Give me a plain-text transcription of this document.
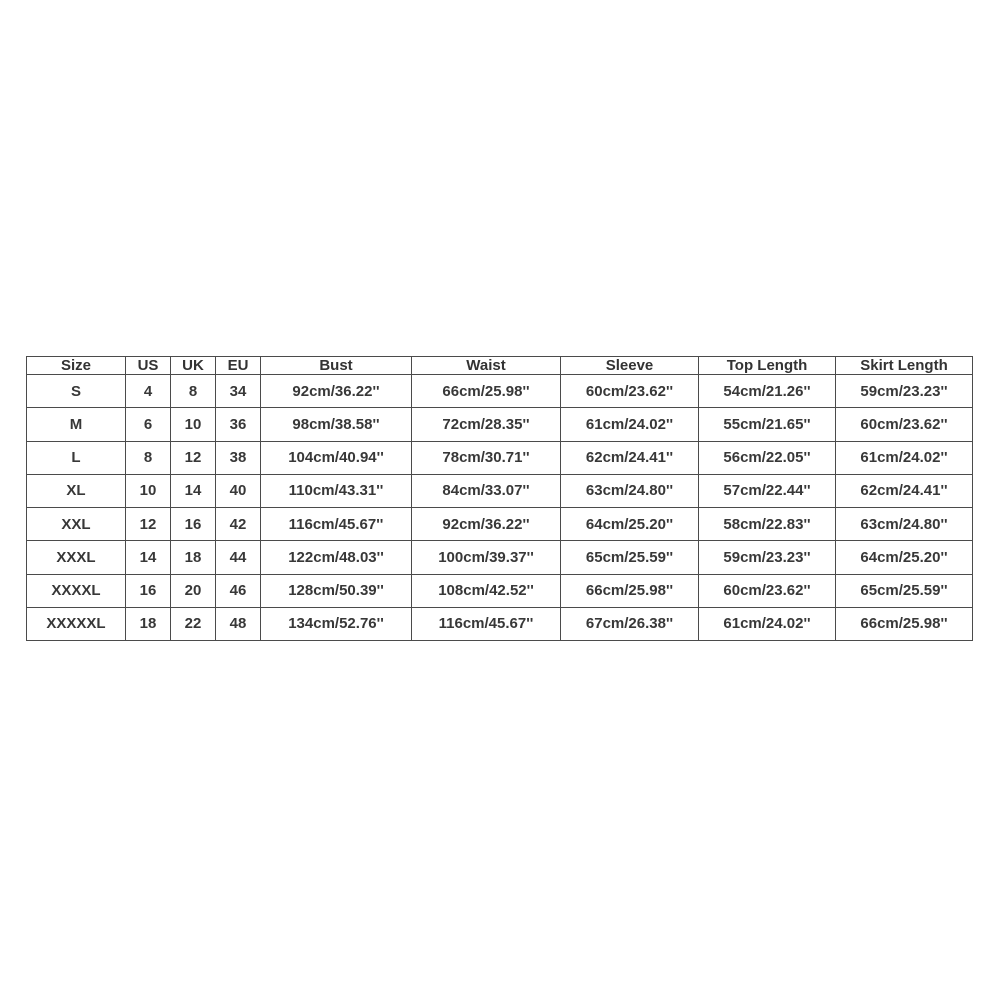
Size	US	UK	EU	Bust	Waist	Sleeve	Top Length	Skirt Length
S	4	8	34	92cm/36.22''	66cm/25.98''	60cm/23.62''	54cm/21.26''	59cm/23.23''
M	6	10	36	98cm/38.58''	72cm/28.35''	61cm/24.02''	55cm/21.65''	60cm/23.62''
L	8	12	38	104cm/40.94''	78cm/30.71''	62cm/24.41''	56cm/22.05''	61cm/24.02''
XL	10	14	40	110cm/43.31''	84cm/33.07''	63cm/24.80''	57cm/22.44''	62cm/24.41''
XXL	12	16	42	116cm/45.67''	92cm/36.22''	64cm/25.20''	58cm/22.83''	63cm/24.80''
XXXL	14	18	44	122cm/48.03''	100cm/39.37''	65cm/25.59''	59cm/23.23''	64cm/25.20''
XXXXL	16	20	46	128cm/50.39''	108cm/42.52''	66cm/25.98''	60cm/23.62''	65cm/25.59''
XXXXXL	18	22	48	134cm/52.76''	116cm/45.67''	67cm/26.38''	61cm/24.02''	66cm/25.98''
